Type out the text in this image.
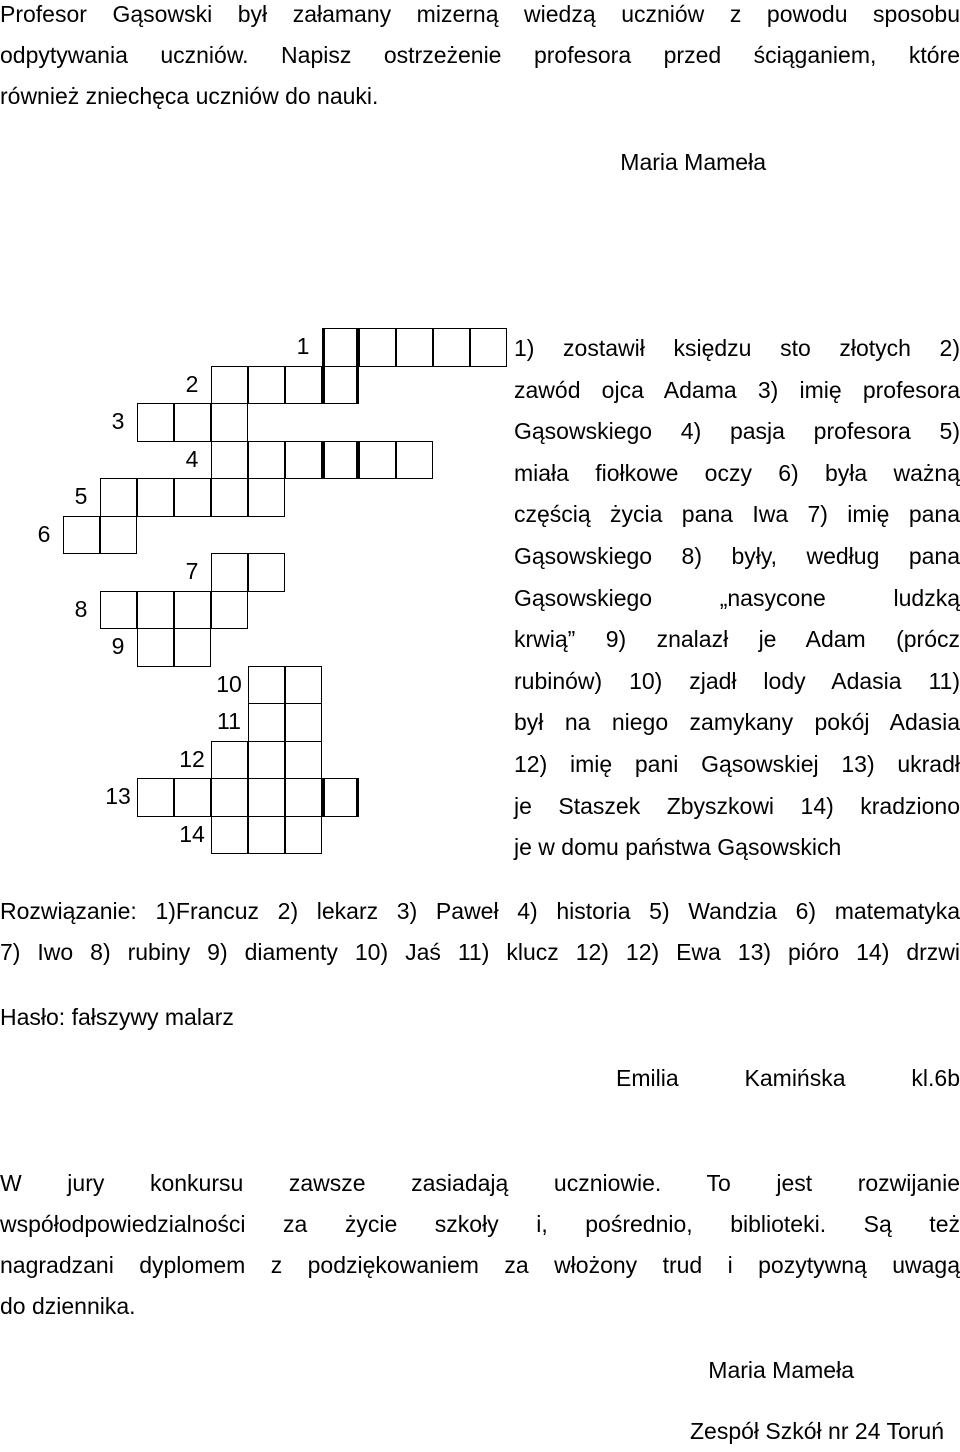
Profesor Gąsowski był załamany mizerną wiedzą uczniów z powodu sposobu
odpytywania uczniów. Napisz ostrzeżenie profesora przed ściąganiem, które
również zniechęca uczniów do nauki.
Maria Mameła
1
2
3
4
5
6
7
8
9
10
11
12
13
14
1) zostawił księdzu sto złotych 2)
zawód ojca Adama 3) imię profesora
Gąsowskiego 4) pasja profesora 5)
miała fiołkowe oczy 6) była ważną
częścią życia pana Iwa 7) imię pana
Gąsowskiego 8) były, według pana
Gąsowskiego „nasycone ludzką
krwią” 9) znalazł je Adam (prócz
rubinów) 10) zjadł lody Adasia 11)
był na niego zamykany pokój Adasia
12) imię pani Gąsowskiej 13) ukradł
je Staszek Zbyszkowi 14) kradziono
je w domu państwa Gąsowskich
Rozwiązanie: 1)Francuz 2) lekarz 3) Paweł 4) historia 5) Wandzia 6) matematyka
7) Iwo 8) rubiny 9) diamenty 10) Jaś 11) klucz 12) 12) Ewa 13) pióro 14) drzwi
Hasło: fałszywy malarz
Emilia Kamińska kl.6b
W jury konkursu zawsze zasiadają uczniowie. To jest rozwijanie
współodpowiedzialności za życie szkoły i, pośrednio, biblioteki. Są też
nagradzani dyplomem z podziękowaniem za włożony trud i pozytywną uwagą
do dziennika.
Maria Mameła
Zespół Szkół nr 24 Toruń
